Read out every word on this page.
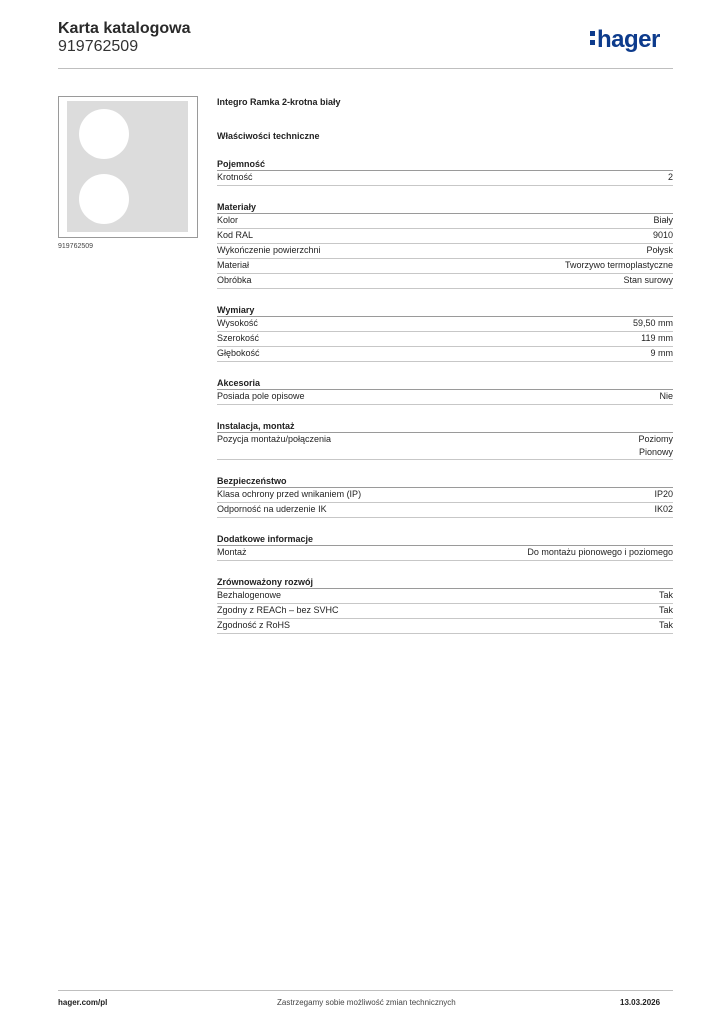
Karta katalogowa
919762509	hager
919762509
Integro Ramka 2-krotna biały
Właściwości techniczne
Pojemność
Krotność	2
Materiały
Kolor	Biały
Kod RAL	9010
Wykończenie powierzchni	Połysk
Materiał	Tworzywo termoplastyczne
Obróbka	Stan surowy
Wymiary
Wysokość	59,50 mm
Szerokość	119 mm
Głębokość	9 mm
Akcesoria
Posiada pole opisowe	Nie
Instalacja, montaż
Pozycja montażu/połączenia	Poziomy
Pionowy
Bezpieczeństwo
Klasa ochrony przed wnikaniem (IP)	IP20
Odporność na uderzenie IK	IK02
Dodatkowe informacje
Montaż	Do montażu pionowego i poziomego
Zrównoważony rozwój
Bezhalogenowe	Tak
Zgodny z REACh – bez SVHC	Tak
Zgodność z RoHS	Tak
hager.com/pl	Zastrzegamy sobie możliwość zmian technicznych	13.03.2026
